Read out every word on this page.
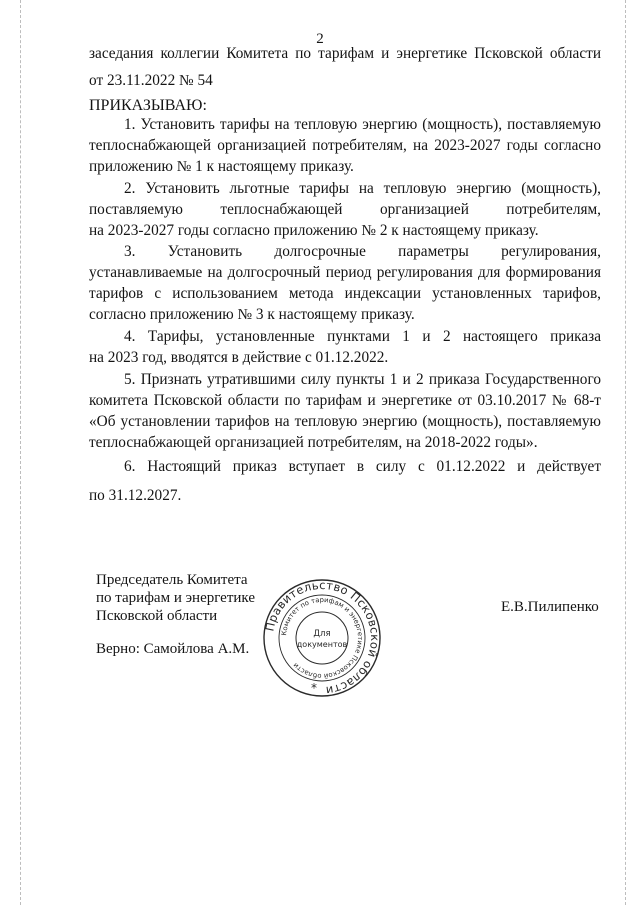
2
заседания коллегии Комитета по тарифам и энергетике Псковской области
от 23.11.2022 № 54
ПРИКАЗЫВАЮ:
1. Установить тарифы на тепловую энергию (мощность), поставляемую
теплоснабжающей организацией потребителям, на 2023-2027 годы согласно
приложению № 1 к настоящему приказу.
2. Установить льготные тарифы на тепловую энергию (мощность),
поставляемую теплоснабжающей организацией потребителям,
на 2023-2027 годы согласно приложению № 2 к настоящему приказу.
3. Установить долгосрочные параметры регулирования,
устанавливаемые на долгосрочный период регулирования для формирования
тарифов с использованием метода индексации установленных тарифов,
согласно приложению № 3 к настоящему приказу.
4. Тарифы, установленные пунктами 1 и 2 настоящего приказа
на 2023 год, вводятся в действие с 01.12.2022.
5. Признать утратившими силу пункты 1 и 2 приказа Государственного
комитета Псковской области по тарифам и энергетике от 03.10.2017 № 68-т
«Об установлении тарифов на тепловую энергию (мощность), поставляемую
теплоснабжающей организацией потребителям, на 2018-2022 годы».
6. Настоящий приказ вступает в силу с 01.12.2022 и действует
по 31.12.2027.
Председатель Комитета
по тарифам и энергетике
Псковской области
Е.В.Пилипенко
Верно: Самойлова А.М.
Правительство Псковской области
Комитет по тарифам и энергетике Псковской области
Для
документов
*
